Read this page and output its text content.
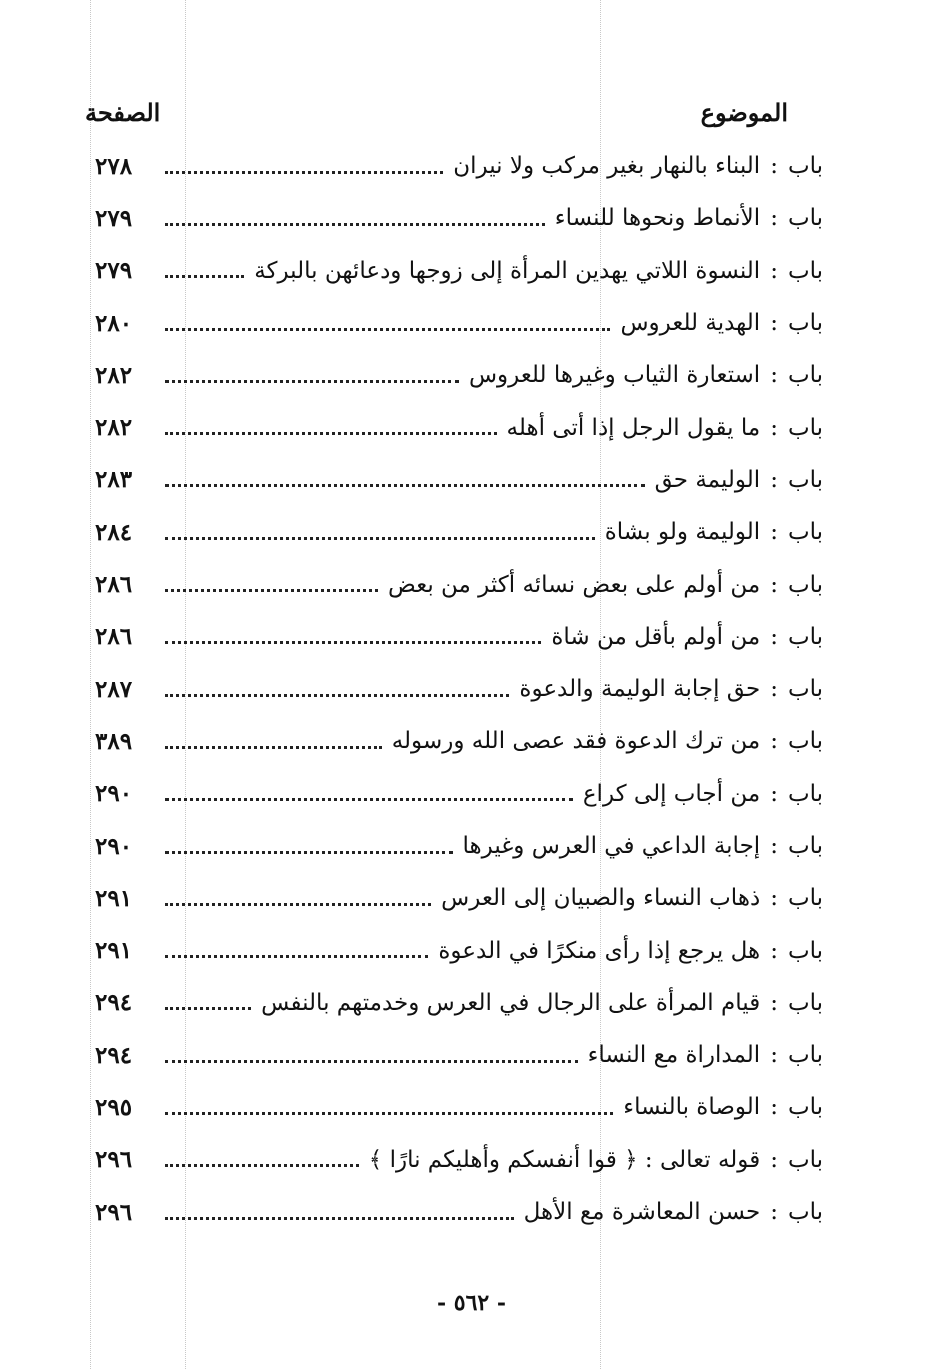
الموضوع
الصفحة
باب
:
البناء بالنهار بغير مركب ولا نيران
٢٧٨
باب
:
الأنماط ونحوها للنساء
٢٧٩
باب
:
النسوة اللاتي يهدين المرأة إلى زوجها ودعائهن بالبركة
٢٧٩
باب
:
الهدية للعروس
٢٨٠
باب
:
استعارة الثياب وغيرها للعروس
٢٨٢
باب
:
ما يقول الرجل إذا أتى أهله
٢٨٢
باب
:
الوليمة حق
٢٨٣
باب
:
الوليمة ولو بشاة
٢٨٤
باب
:
من أولم على بعض نسائه أكثر من بعض
٢٨٦
باب
:
من أولم بأقل من شاة
٢٨٦
باب
:
حق إجابة الوليمة والدعوة
٢٨٧
باب
:
من ترك الدعوة فقد عصى الله ورسوله
٣٨٩
باب
:
من أجاب إلى كراع
٢٩٠
باب
:
إجابة الداعي في العرس وغيرها
٢٩٠
باب
:
ذهاب النساء والصبيان إلى العرس
٢٩١
باب
:
هل يرجع إذا رأى منكرًا في الدعوة
٢٩١
باب
:
قيام المرأة على الرجال في العرس وخدمتهم بالنفس
٢٩٤
باب
:
المداراة مع النساء
٢٩٤
باب
:
الوصاة بالنساء
٢٩٥
باب
:
قوله تعالى : ﴿ قوا أنفسكم وأهليكم نارًا ﴾
٢٩٦
باب
:
حسن المعاشرة مع الأهل
٢٩٦
- ٥٦٢ -
